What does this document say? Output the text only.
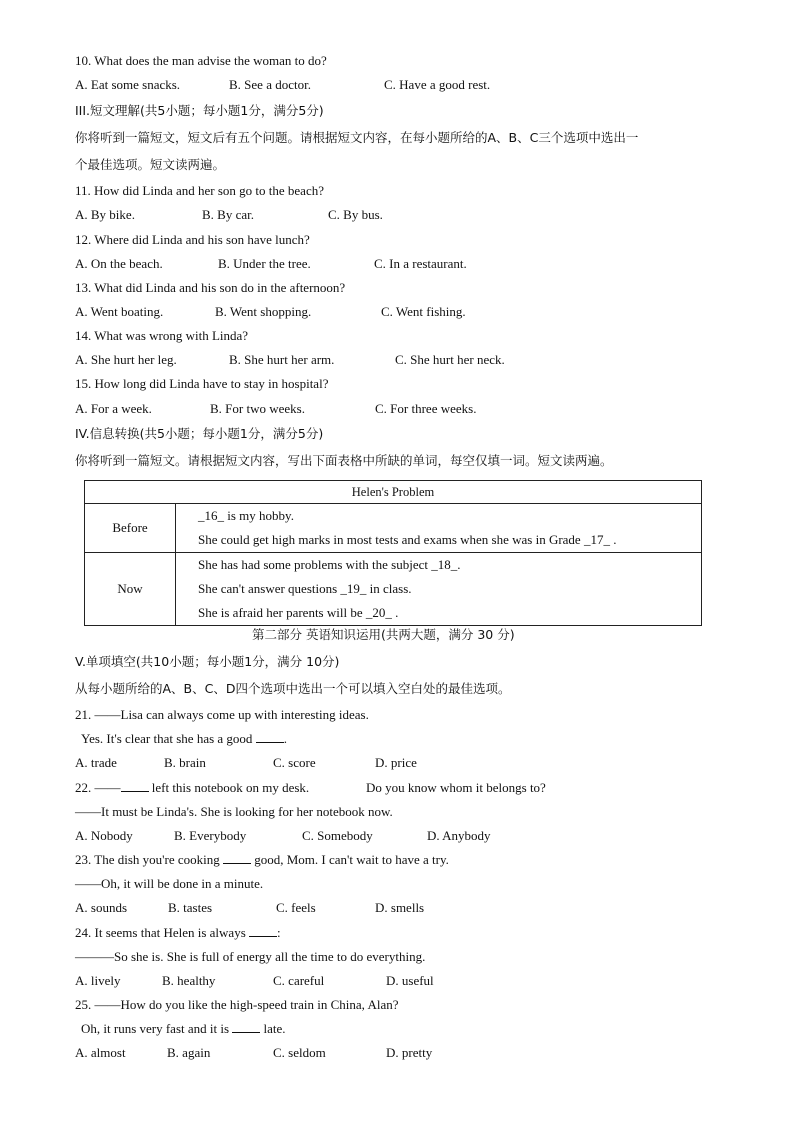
10. What does the man advise the woman to do?
A. Eat some snacks.	B. See a doctor.	C. Have a good rest.
III.短文理解(共5小题；每小题1分，满分5分)
你将听到一篇短文，短文后有五个问题。请根据短文内容，在每小题所给的A、B、C三个选项中选出一
个最佳选项。短文读两遍。
11. How did Linda and her son go to the beach?
A. By bike.	B. By car.	C. By bus.
12. Where did Linda and his son have lunch?
A. On the beach.	B. Under the tree.	C. In a restaurant.
13. What did Linda and his son do in the afternoon?
A. Went boating.	B. Went shopping.	C. Went fishing.
14. What was wrong with Linda?
A. She hurt her leg.	B. She hurt her arm.	C. She hurt her neck.
15. How long did Linda have to stay in hospital?
A. For a week.	B. For two weeks.	C. For three weeks.
IV.信息转换(共5小题；每小题1分，满分5分)
你将听到一篇短文。请根据短文内容，写出下面表格中所缺的单词，每空仅填一词。短文读两遍。
Helen's Problem	
Before	_16_ is my hobby.
She could get high marks in most tests and exams when she was in Grade _17_ .

Now	She has had some problems with the subject _18_.
She can't answer questions _19_ in class.
She is afraid her parents will be _20_ .
第二部分 英语知识运用(共两大题，满分 30 分)
V.单项填空(共10小题；每小题1分，满分 10分)
从每小题所给的A、B、C、D四个选项中选出一个可以填入空白处的最佳选项。
21. ——Lisa can always come up with interesting ideas.
Yes. It's clear that she has a good .
A. trade	B. brain	C. score	D. price
22. —— left this notebook on my desk.	Do you know whom it belongs to?
——It must be Linda's. She is looking for her notebook now.
A. Nobody	B. Everybody	C. Somebody	D. Anybody
23. The dish you're cooking	good, Mom. I can't wait to have a try.
——Oh, it will be done in a minute.
A. sounds	B. tastes	C. feels	D. smells
24. It seems that Helen is always :
———So she is. She is full of energy all the time to do everything.
A. lively	B. healthy	C. careful	D. useful
25. ——How do you like the high-speed train in China, Alan?
Oh, it runs very fast and it is	late.
A. almost	B. again	C. seldom	D. pretty
